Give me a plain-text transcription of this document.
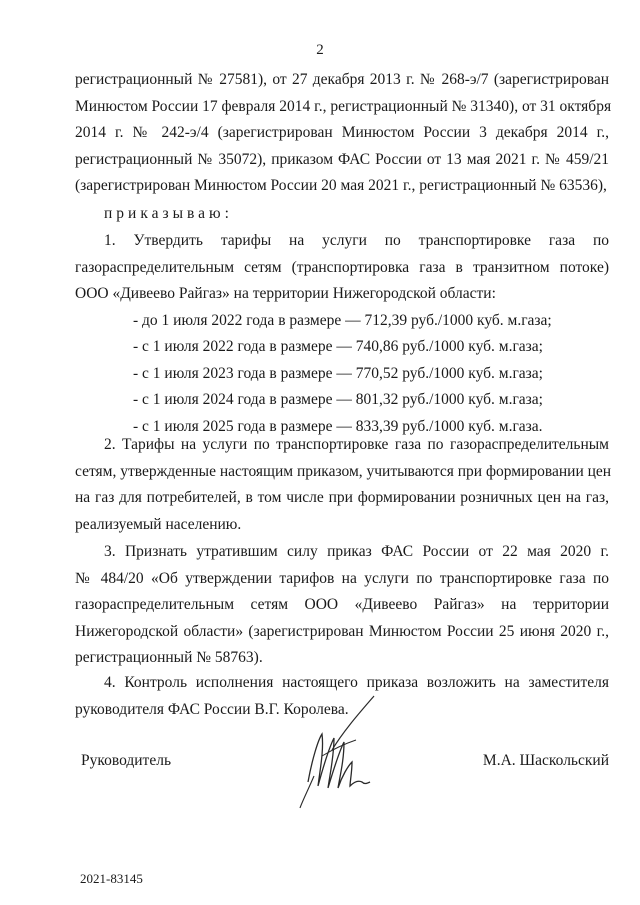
2
регистрационный № 27581), от 27 декабря 2013 г. № 268-э/7 (зарегистрирован
Минюстом России 17 февраля 2014 г., регистрационный № 31340), от 31 октября
2014 г. № 242-э/4 (зарегистрирован Минюстом России 3 декабря 2014 г.,
регистрационный № 35072), приказом ФАС России от 13 мая 2021 г. № 459/21
(зарегистрирован Минюстом России 20 мая 2021 г., регистрационный № 63536),
приказываю:
1. Утвердить тарифы на услуги по транспортировке газа по
газораспределительным сетям (транспортировка газа в транзитном потоке)
ООО «Дивеево Райгаз» на территории Нижегородской области:
- до 1 июля 2022 года в размере — 712,39 руб./1000 куб. м.газа;
- с 1 июля 2022 года в размере — 740,86 руб./1000 куб. м.газа;
- с 1 июля 2023 года в размере — 770,52 руб./1000 куб. м.газа;
- с 1 июля 2024 года в размере — 801,32 руб./1000 куб. м.газа;
- с 1 июля 2025 года в размере — 833,39 руб./1000 куб. м.газа.
2. Тарифы на услуги по транспортировке газа по газораспределительным
сетям, утвержденные настоящим приказом, учитываются при формировании цен
на газ для потребителей, в том числе при формировании розничных цен на газ,
реализуемый населению.
3. Признать утратившим силу приказ ФАС России от 22 мая 2020 г.
№ 484/20 «Об утверждении тарифов на услуги по транспортировке газа по
газораспределительным сетям ООО «Дивеево Райгаз» на территории
Нижегородской области» (зарегистрирован Минюстом России 25 июня 2020 г.,
регистрационный № 58763).
4. Контроль исполнения настоящего приказа возложить на заместителя
руководителя ФАС России В.Г. Королева.
Руководитель	М.А. Шаскольский
2021-83145
